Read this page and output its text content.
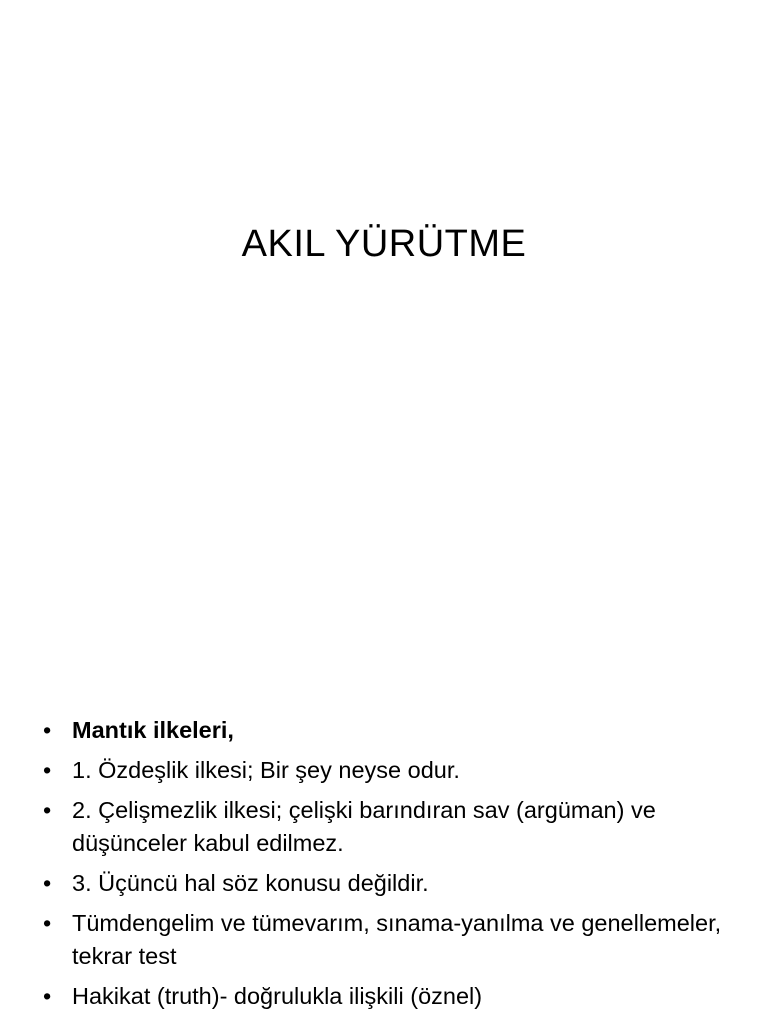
AKIL YÜRÜTME
• Mantık ilkeleri,
• 1. Özdeşlik ilkesi; Bir şey neyse odur.
• 2. Çelişmezlik ilkesi; çelişki barındıran sav (argüman) ve düşünceler kabul edilmez.
• 3. Üçüncü hal söz konusu değildir.
• Tümdengelim ve tümevarım, sınama-yanılma ve genellemeler, tekrar test
• Hakikat (truth)- doğrulukla ilişkili (öznel)
